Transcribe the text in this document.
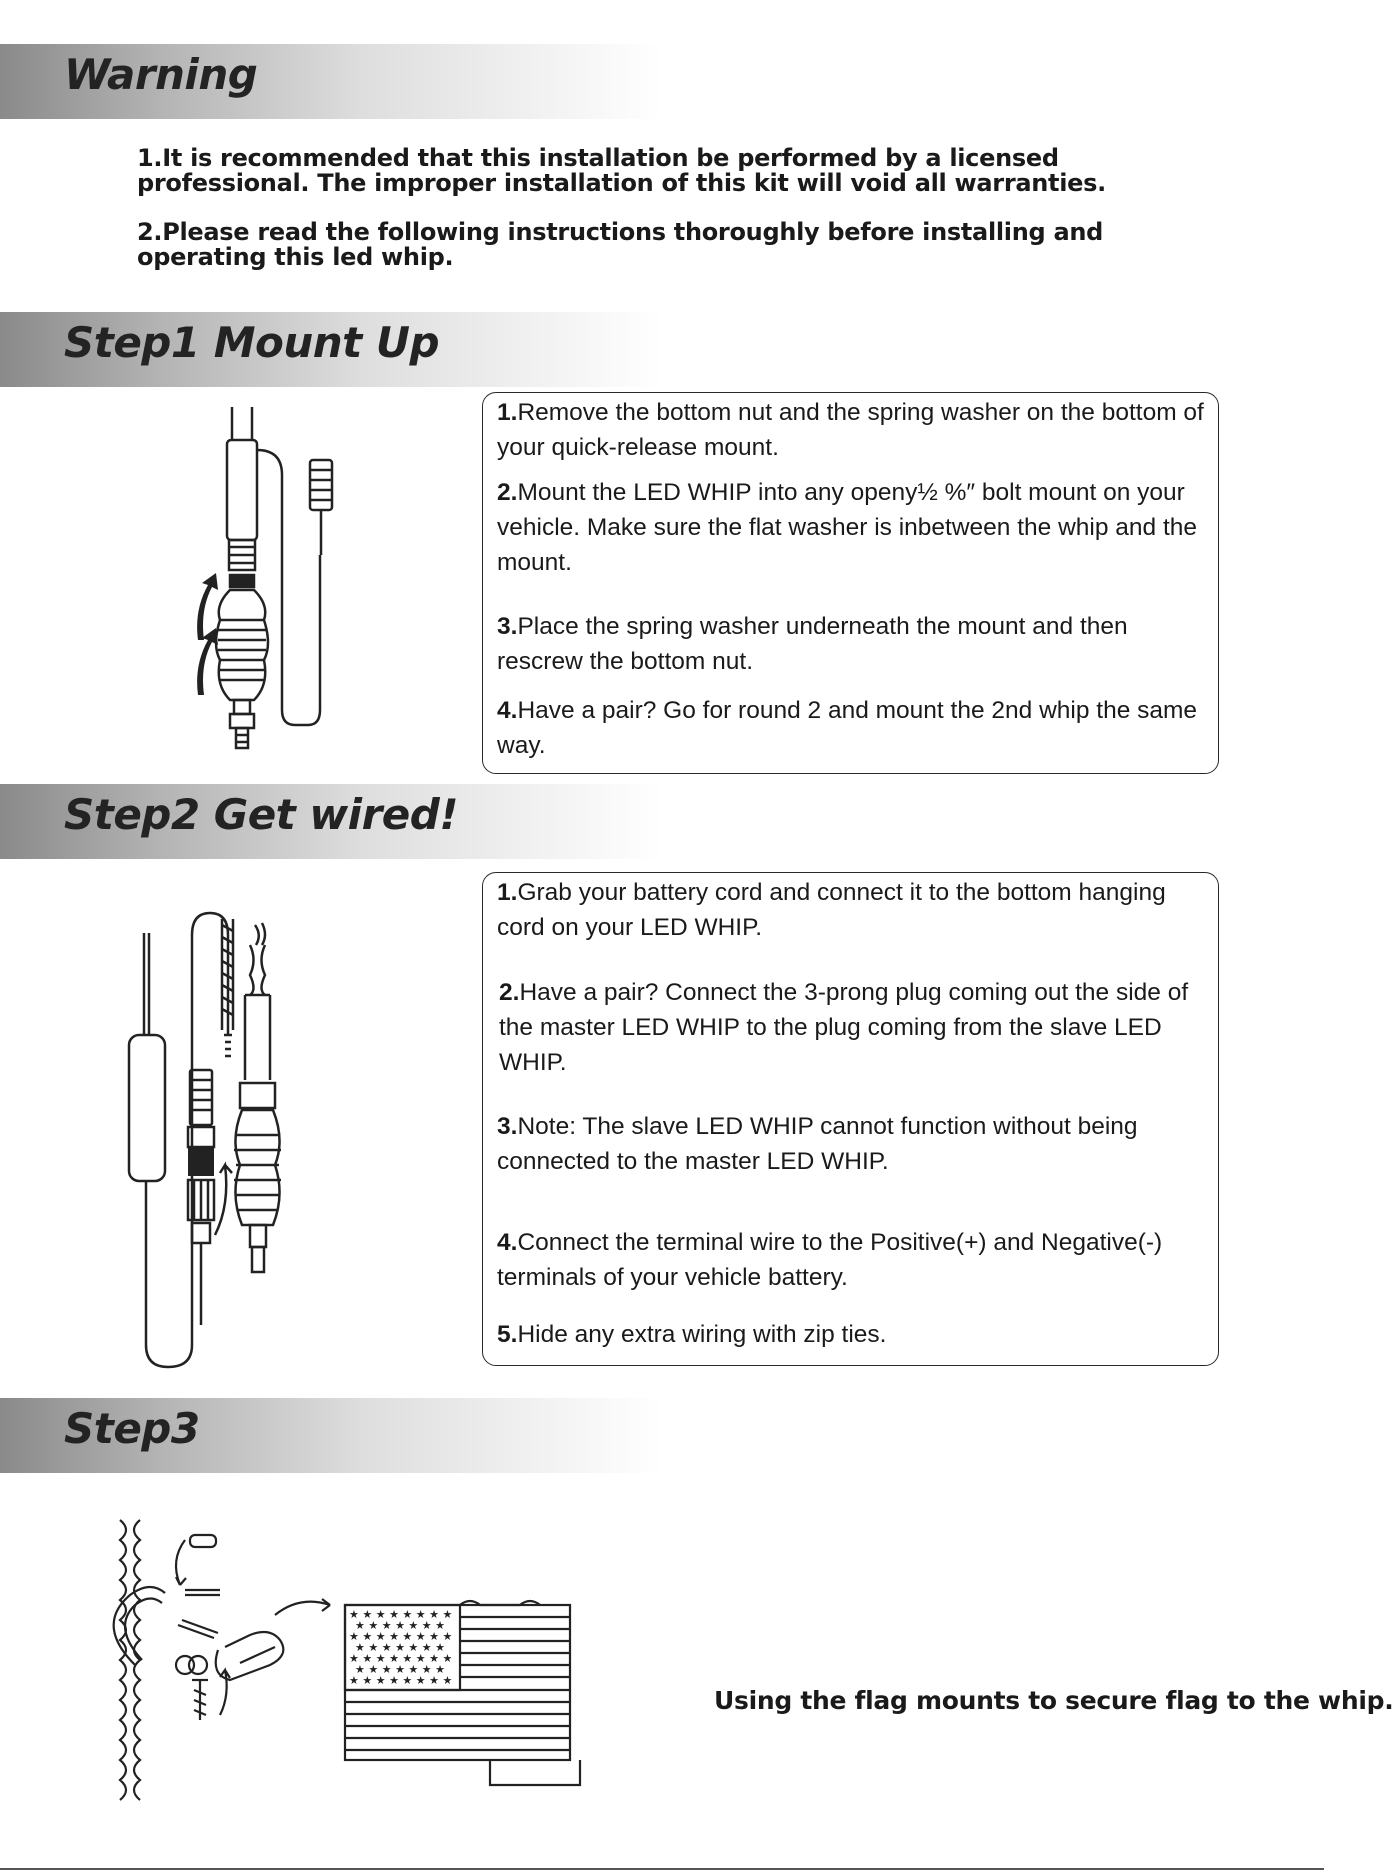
Warning
1.It is recommended that this installation be performed by a licensed professional. The improper installation of this kit will void all warranties.
2.Please read the following instructions thoroughly before installing and operating this led whip.
Step1 Mount Up

1.Remove the bottom nut and the spring washer on the bottom of your quick-release mount.

2.Mount the LED WHIP into any openy½ %″ bolt mount on your vehicle. Make sure the flat washer is inbetween the whip and the mount.

3.Place the spring washer underneath the mount and then rescrew the bottom nut.

4.Have a pair? Go for round 2 and mount the 2nd whip the same way.

Step2 Get wired!

1.Grab your battery cord and connect it to the bottom hanging cord on your LED WHIP.

2.Have a pair? Connect the 3-prong plug coming out the side of the master LED WHIP to the plug coming from the slave LED WHIP.

3.Note: The slave LED WHIP cannot function without being connected to the master LED WHIP.

4.Connect the terminal wire to the Positive(+) and Negative(-) terminals of your vehicle battery.

5.Hide any extra wiring with zip ties.

Step3
★ ★ ★ ★ ★ ★ ★ ★
★ ★ ★ ★ ★ ★ ★
★ ★ ★ ★ ★ ★ ★ ★
★ ★ ★ ★ ★ ★ ★
★ ★ ★ ★ ★ ★ ★ ★
★ ★ ★ ★ ★ ★ ★
★ ★ ★ ★ ★ ★ ★ ★
Using the flag mounts to secure flag to the whip.
